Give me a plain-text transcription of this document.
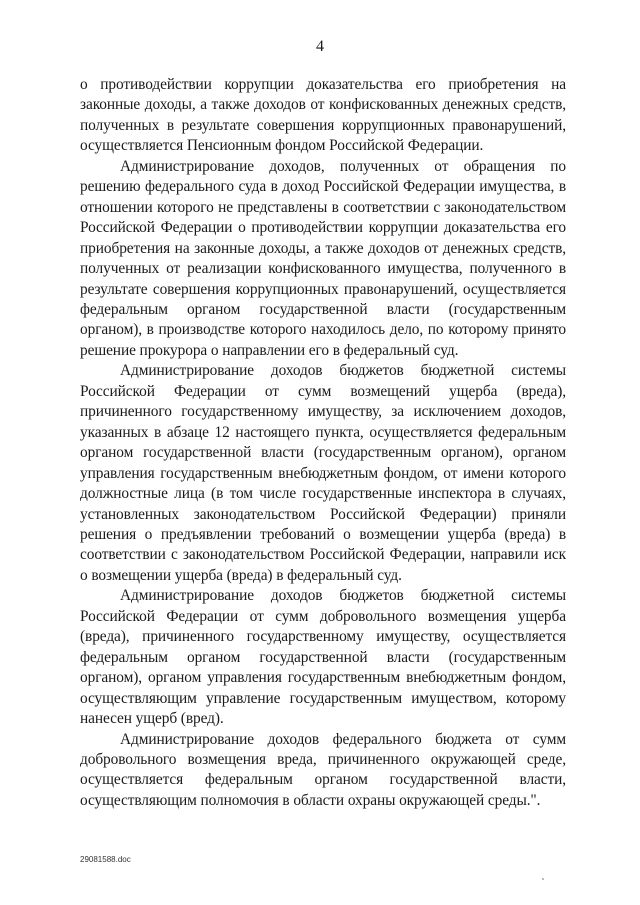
4

о противодействии коррупции доказательства его приобретения на законные доходы, а также доходов от конфискованных денежных средств, полученных в результате совершения коррупционных правонарушений, осуществляется Пенсионным фондом Российской Федерации.

Администрирование доходов, полученных от обращения по решению федерального суда в доход Российской Федерации имущества, в отношении которого не представлены в соответствии с законодательством Российской Федерации о противодействии коррупции доказательства его приобретения на законные доходы, а также доходов от денежных средств, полученных от реализации конфискованного имущества, полученного в результате совершения коррупционных правонарушений, осуществляется федеральным органом государственной власти (государственным органом), в производстве которого находилось дело, по которому принято решение прокурора о направлении его в федеральный суд.

Администрирование доходов бюджетов бюджетной системы Российской Федерации от сумм возмещений ущерба (вреда), причиненного государственному имуществу, за исключением доходов, указанных в абзаце 12 настоящего пункта, осуществляется федеральным органом государственной власти (государственным органом), органом управления государственным внебюджетным фондом, от имени которого должностные лица (в том числе государственные инспектора в случаях, установленных законодательством Российской Федерации) приняли решения о предъявлении требований о возмещении ущерба (вреда) в соответствии с законодательством Российской Федерации, направили иск о возмещении ущерба (вреда) в федеральный суд.

Администрирование доходов бюджетов бюджетной системы Российской Федерации от сумм добровольного возмещения ущерба (вреда), причиненного государственному имуществу, осуществляется федеральным органом государственной власти (государственным органом), органом управления государственным внебюджетным фондом, осуществляющим управление государственным имуществом, которому нанесен ущерб (вред).

Администрирование доходов федерального бюджета от сумм добровольного возмещения вреда, причиненного окружающей среде, осуществляется федеральным органом государственной власти, осуществляющим полномочия в области охраны окружающей среды.".

29081588.doc
